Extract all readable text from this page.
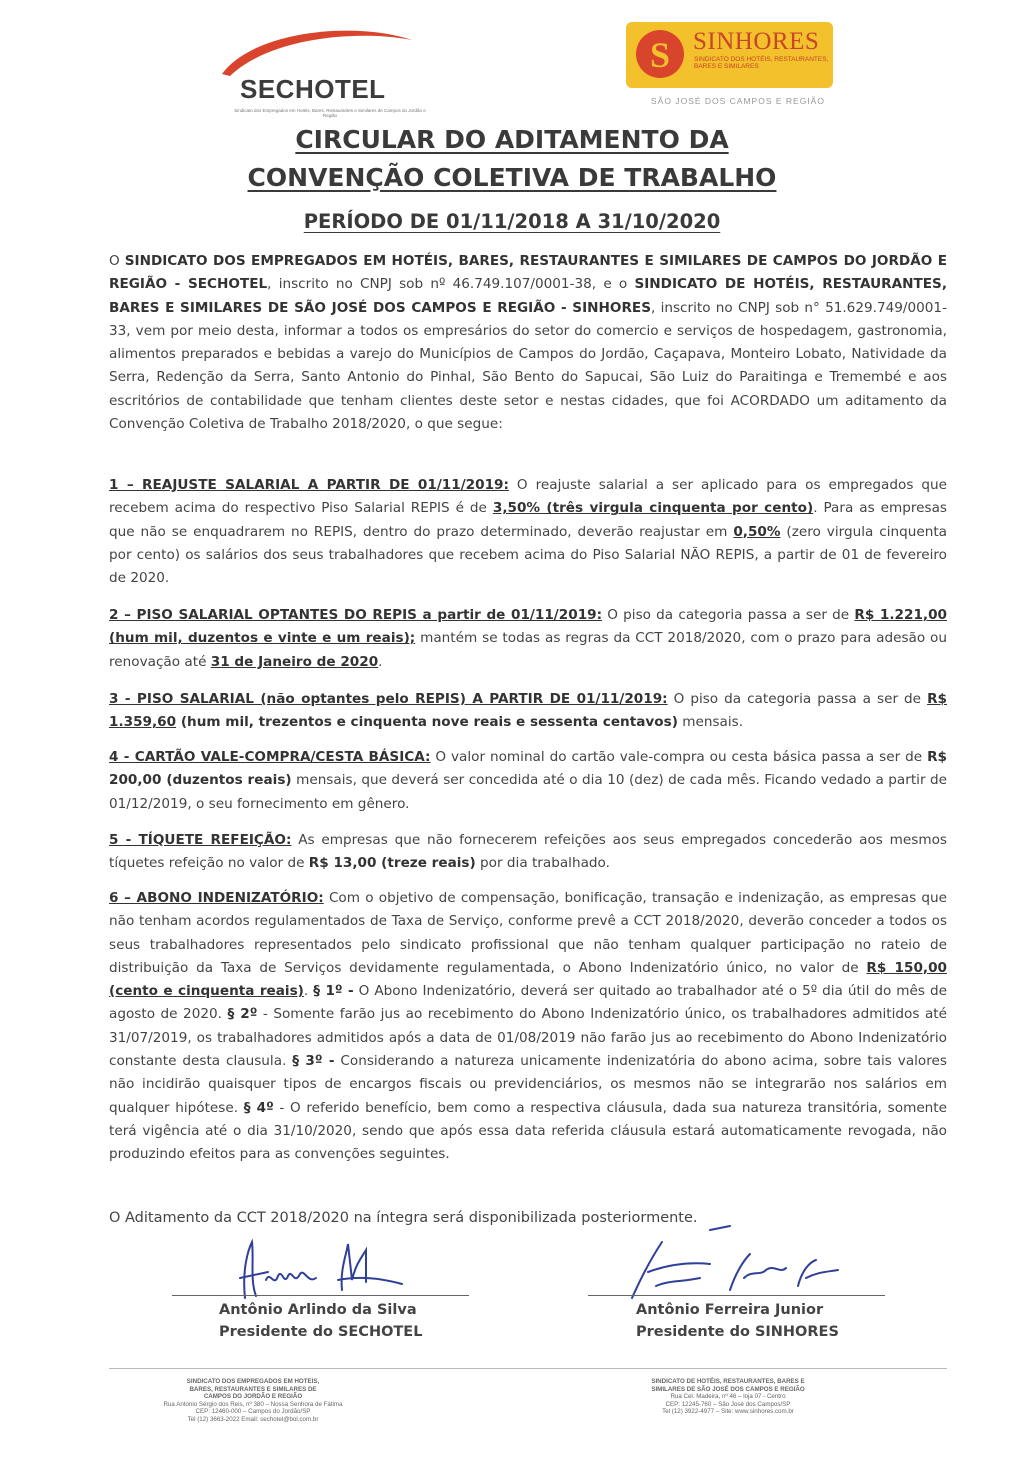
SECHOTEL
Sindicato dos Empregados em Hotéis, Bares, Restaurantes e Similares de Campos do Jordão e Região
S SINHORES
SINDICATO DOS HOTÉIS, RESTAURANTES, BARES E SIMILARES
SÃO JOSÉ DOS CAMPOS E REGIÃO
CIRCULAR DO ADITAMENTO DA
CONVENÇÃO COLETIVA DE TRABALHO
PERÍODO DE 01/11/2018 A 31/10/2020
O SINDICATO DOS EMPREGADOS EM HOTÉIS, BARES, RESTAURANTES E SIMILARES DE CAMPOS DO JORDÃO E REGIÃO - SECHOTEL, inscrito no CNPJ sob nº 46.749.107/0001-38, e o SINDICATO DE HOTÉIS, RESTAURANTES, BARES E SIMILARES DE SÃO JOSÉ DOS CAMPOS E REGIÃO - SINHORES, inscrito no CNPJ sob n° 51.629.749/0001-33, vem por meio desta, informar a todos os empresários do setor do comercio e serviços de hospedagem, gastronomia, alimentos preparados e bebidas a varejo do Municípios de Campos do Jordão, Caçapava, Monteiro Lobato, Natividade da Serra, Redenção da Serra, Santo Antonio do Pinhal, São Bento do Sapucai, São Luiz do Paraitinga e Tremembé e aos escritórios de contabilidade que tenham clientes deste setor e nestas cidades, que foi ACORDADO um aditamento da Convenção Coletiva de Trabalho 2018/2020, o que segue:
1 – REAJUSTE SALARIAL A PARTIR DE 01/11/2019: O reajuste salarial a ser aplicado para os empregados que recebem acima do respectivo Piso Salarial REPIS é de 3,50% (três virgula cinquenta por cento). Para as empresas que não se enquadrarem no REPIS, dentro do prazo determinado, deverão reajustar em 0,50% (zero virgula cinquenta por cento) os salários dos seus trabalhadores que recebem acima do Piso Salarial NÃO REPIS, a partir de 01 de fevereiro de 2020.
2 – PISO SALARIAL OPTANTES DO REPIS a partir de 01/11/2019: O piso da categoria passa a ser de R$ 1.221,00 (hum mil, duzentos e vinte e um reais); mantém se todas as regras da CCT 2018/2020, com o prazo para adesão ou renovação até 31 de Janeiro de 2020.
3 - PISO SALARIAL (não optantes pelo REPIS) A PARTIR DE 01/11/2019: O piso da categoria passa a ser de R$ 1.359,60 (hum mil, trezentos e cinquenta nove reais e sessenta centavos) mensais.
4 - CARTÃO VALE-COMPRA/CESTA BÁSICA: O valor nominal do cartão vale-compra ou cesta básica passa a ser de R$ 200,00 (duzentos reais) mensais, que deverá ser concedida até o dia 10 (dez) de cada mês. Ficando vedado a partir de 01/12/2019, o seu fornecimento em gênero.
5 - TÍQUETE REFEIÇÃO: As empresas que não fornecerem refeições aos seus empregados concederão aos mesmos tíquetes refeição no valor de R$ 13,00 (treze reais) por dia trabalhado.
6 – ABONO INDENIZATÓRIO: Com o objetivo de compensação, bonificação, transação e indenização, as empresas que não tenham acordos regulamentados de Taxa de Serviço, conforme prevê a CCT 2018/2020, deverão conceder a todos os seus trabalhadores representados pelo sindicato profissional que não tenham qualquer participação no rateio de distribuição da Taxa de Serviços devidamente regulamentada, o Abono Indenizatório único, no valor de R$ 150,00 (cento e cinquenta reais). § 1º - O Abono Indenizatório, deverá ser quitado ao trabalhador até o 5º dia útil do mês de agosto de 2020. § 2º - Somente farão jus ao recebimento do Abono Indenizatório único, os trabalhadores admitidos até 31/07/2019, os trabalhadores admitidos após a data de 01/08/2019 não farão jus ao recebimento do Abono Indenizatório constante desta clausula. § 3º - Considerando a natureza unicamente indenizatória do abono acima, sobre tais valores não incidirão quaisquer tipos de encargos fiscais ou previdenciários, os mesmos não se integrarão nos salários em qualquer hipótese. § 4º - O referido benefício, bem como a respectiva cláusula, dada sua natureza transitória, somente terá vigência até o dia 31/10/2020, sendo que após essa data referida cláusula estará automaticamente revogada, não produzindo efeitos para as convenções seguintes.
O Aditamento da CCT 2018/2020 na íntegra será disponibilizada posteriormente.
Antônio Arlindo da Silva
Presidente do SECHOTEL
Antônio Ferreira Junior
Presidente do SINHORES
SINDICATO DOS EMPREGADOS EM HOTEIS,
BARES, RESTAURANTES E SIMILARES DE
CAMPOS DO JORDÃO E REGIÃO
Rua Antonio Sérgio dos Reis, nº 380 – Nossa Senhora de Fátima
CEP: 12460-000 – Campos do Jordão/SP
Tel (12) 3663-2022 Email: sechotel@bol.com.br
SINDICATO DE HOTÉIS, RESTAURANTES, BARES E
SIMILARES DE SÃO JOSÉ DOS CAMPOS E REGIÃO
Rua Cel. Madeira, nº 46 – loja 07 - Centro
CEP: 12245-760 – São José dos Campos/SP
Tel (12) 3922-4977 – Site: www.sinhores.com.br
